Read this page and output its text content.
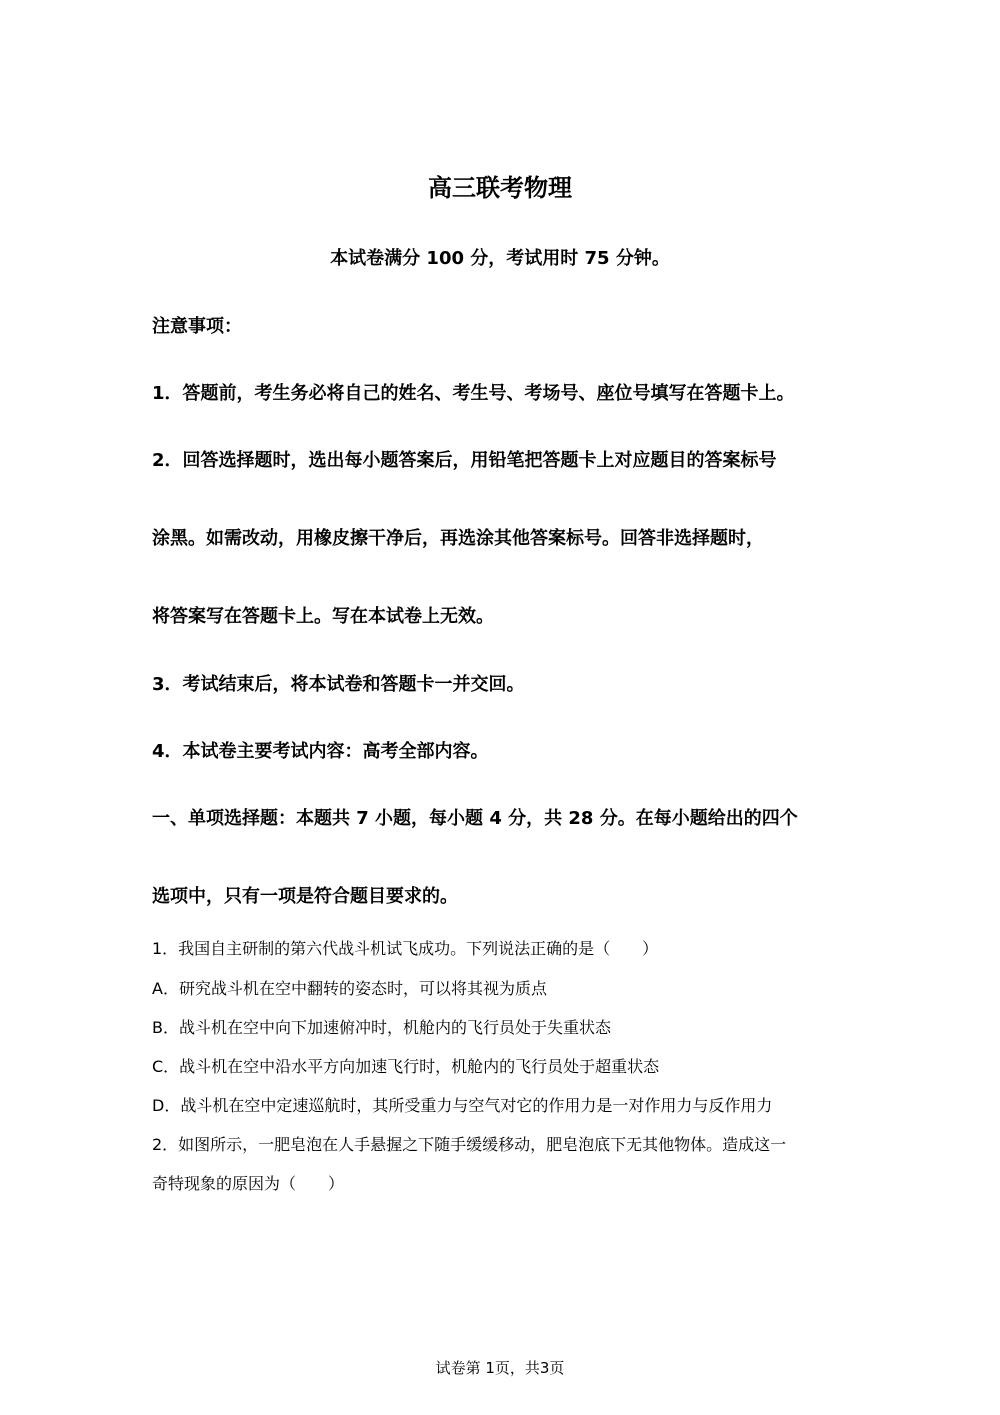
高三联考物理
本试卷满分 100 分，考试用时 75 分钟。
注意事项：
1．答题前，考生务必将自己的姓名、考生号、考场号、座位号填写在答题卡上。
2．回答选择题时，选出每小题答案后，用铅笔把答题卡上对应题目的答案标号
涂黑。如需改动，用橡皮擦干净后，再选涂其他答案标号。回答非选择题时，
将答案写在答题卡上。写在本试卷上无效。
3．考试结束后，将本试卷和答题卡一并交回。
4．本试卷主要考试内容：高考全部内容。
一、单项选择题：本题共 7 小题，每小题 4 分，共 28 分。在每小题给出的四个
选项中，只有一项是符合题目要求的。
1．我国自主研制的第六代战斗机试飞成功。下列说法正确的是（　　）
A．研究战斗机在空中翻转的姿态时，可以将其视为质点
B．战斗机在空中向下加速俯冲时，机舱内的飞行员处于失重状态
C．战斗机在空中沿水平方向加速飞行时，机舱内的飞行员处于超重状态
D．战斗机在空中定速巡航时，其所受重力与空气对它的作用力是一对作用力与反作用力
2．如图所示，一肥皂泡在人手悬握之下随手缓缓移动，肥皂泡底下无其他物体。造成这一
奇特现象的原因为（　　）
试卷第 1页，共3页
